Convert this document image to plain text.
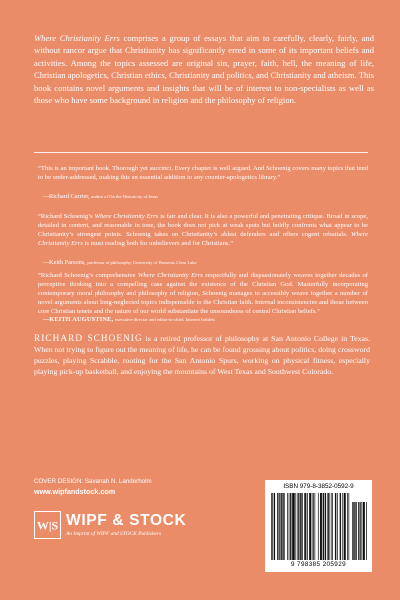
Where Christianity Errs comprises a group of essays that aim to carefully, clearly, fairly, and without rancor argue that Christianity has significantly erred in some of its important beliefs and activities. Among the topics assessed are original sin, prayer, faith, hell, the meaning of life, Christian apologetics, Christian ethics, Christianity and politics, and Christianity and atheism. This book contains novel arguments and insights that will be of interest to non-specialists as well as those who have some background in religion and the philosophy of religion.

“This is an important book. Thorough yet succinct. Every chapter is well argued. And Schoenig covers many topics that tend to be under-addressed, making this an essential addition to any counter-apologetics library.”

—Richard Carrier, author of On the Historicity of Jesus

“Richard Schoenig’s Where Christianity Errs is fair and clear. It is also a powerful and penetrating critique. Broad in scope, detailed in content, and reasonable in tone, the book does not pick at weak spots but boldly confronts what appear to be Christianity’s strongest points. Schoenig takes on Christianity’s ablest defenders and offers cogent rebuttals. Where Christianity Errs is must reading both for unbelievers and for Christians.”

—Keith Parsons, professor of philosophy, University of Houston–Clear Lake

“Richard Schoenig’s comprehensive Where Christianity Errs respectfully and dispassionately weaves together decades of perceptive thinking into a compelling case against the existence of the Christian God. Masterfully incorporating contemporary moral philosophy and philosophy of religion, Schoenig manages to accessibly weave together a number of novel arguments about long-neglected topics indispensable to the Christian faith. Internal inconsistencies and those between core Christian tenets and the nature of our world substantiate the unsoundness of central Christian beliefs.”

—KEITH AUGUSTINE, executive director and editor-in-chief, Internet Infidels

RICHARD SCHOENIG is a retired professor of philosophy at San Antonio College in Texas. When not trying to figure out the meaning of life, he can be found grousing about politics, doing crossword puzzles, playing Scrabble, rooting for the San Antonio Spurs, working on physical fitness, especially playing pick-up basketball, and enjoying the mountains of West Texas and Southwest Colorado.

COVER DESIGN: Savanah N. Landerholm

www.wipfandstock.com

W|S WIPF & STOCK

An Imprint of WIPF and STOCK Publishers

ISBN 979-8-3852-0592-9
9 798385 205929
